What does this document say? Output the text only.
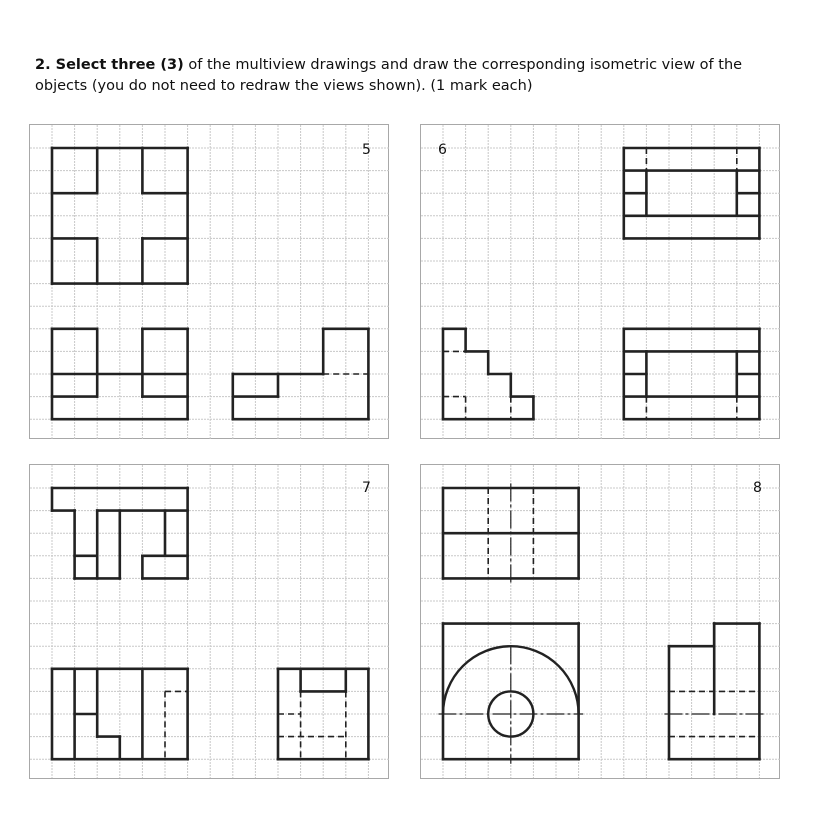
2. Select three (3) of the multiview drawings and draw the corresponding isometric view of the objects (you do not need to redraw the views shown). (1 mark each)
5	6
7	8
